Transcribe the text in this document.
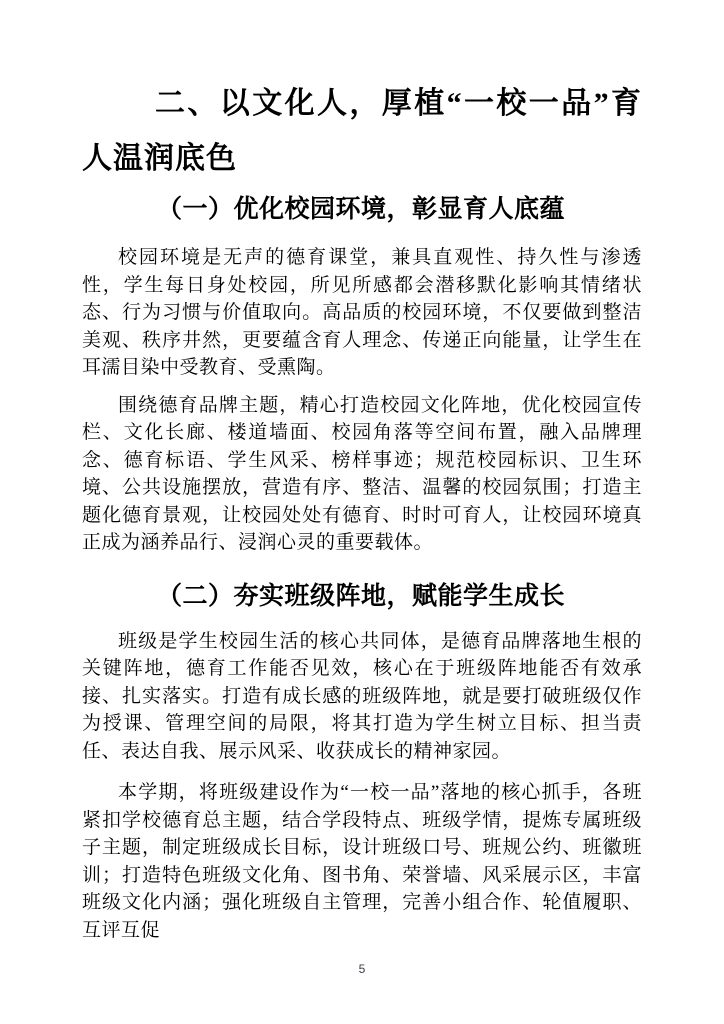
二、以文化人，厚植“一校一品”育人温润底色
（一）优化校园环境，彰显育人底蕴

校园环境是无声的德育课堂，兼具直观性、持久性与渗透性，学生每日身处校园，所见所感都会潜移默化影响其情绪状态、行为习惯与价值取向。高品质的校园环境，不仅要做到整洁美观、秩序井然，更要蕴含育人理念、传递正向能量，让学生在耳濡目染中受教育、受熏陶。

围绕德育品牌主题，精心打造校园文化阵地，优化校园宣传栏、文化长廊、楼道墙面、校园角落等空间布置，融入品牌理念、德育标语、学生风采、榜样事迹；规范校园标识、卫生环境、公共设施摆放，营造有序、整洁、温馨的校园氛围；打造主题化德育景观，让校园处处有德育、时时可育人，让校园环境真正成为涵养品行、浸润心灵的重要载体。

（二）夯实班级阵地，赋能学生成长

班级是学生校园生活的核心共同体，是德育品牌落地生根的关键阵地，德育工作能否见效，核心在于班级阵地能否有效承接、扎实落实。打造有成长感的班级阵地，就是要打破班级仅作为授课、管理空间的局限，将其打造为学生树立目标、担当责任、表达自我、展示风采、收获成长的精神家园。

本学期，将班级建设作为“一校一品”落地的核心抓手，各班紧扣学校德育总主题，结合学段特点、班级学情，提炼专属班级子主题，制定班级成长目标，设计班级口号、班规公约、班徽班训；打造特色班级文化角、图书角、荣誉墙、风采展示区，丰富班级文化内涵；强化班级自主管理，完善小组合作、轮值履职、互评互促

5
